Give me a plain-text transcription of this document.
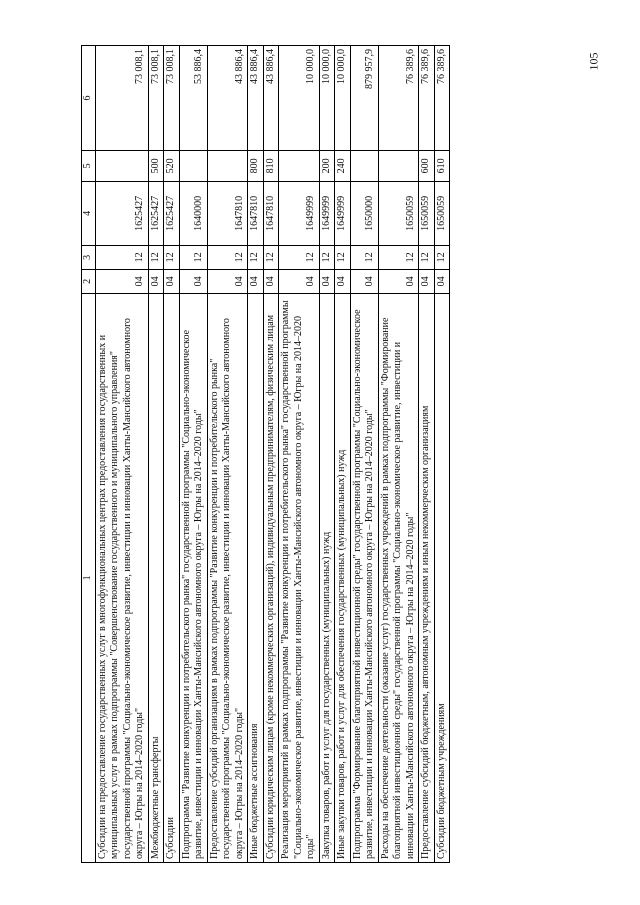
105
1	2	3	4	5	6
Субсидии на предоставление государственных услуг в многофункциональных центрах предоставления государственных и муниципальных услуг в рамках подпрограммы "Совершенствование государственного и муниципального управления" государственной программы "Социально-экономическое развитие, инвестиции и инновации Ханты-Мансийского автономного округа – Югры на 2014–2020 годы"	04	12	1625427		73 008,1
Межбюджетные трансферты	04	12	1625427	500	73 008,1
Субсидии	04	12	1625427	520	73 008,1
Подпрограмма "Развитие конкуренции и потребительского рынка" государственной программы "Социально-экономическое развитие, инвестиции и инновации Ханты-Мансийского автономного округа – Югры на 2014–2020 годы"	04	12	1640000		53 886,4
Предоставление субсидий организациям в рамках подпрограммы "Развитие конкуренции и потребительского рынка" государственной программы "Социально-экономическое развитие, инвестиции и инновации Ханты-Мансийского автономного округа – Югры на 2014–2020 годы"	04	12	1647810		43 886,4
Иные бюджетные ассигнования	04	12	1647810	800	43 886,4
Субсидии юридическим лицам (кроме некоммерческих организаций), индивидуальным предпринимателям, физическим лицам	04	12	1647810	810	43 886,4
Реализация мероприятий в рамках подпрограммы "Развитие конкуренции и потребительского рынка" государственной программы "Социально-экономическое развитие, инвестиции и инновации Ханты-Мансийского автономного округа – Югры на 2014–2020 годы"	04	12	1649999		10 000,0
Закупка товаров, работ и услуг для государственных (муниципальных) нужд	04	12	1649999	200	10 000,0
Иные закупки товаров, работ и услуг для обеспечения государственных (муниципальных) нужд	04	12	1649999	240	10 000,0
Подпрограмма "Формирование благоприятной инвестиционной среды" государственной программы "Социально-экономическое развитие, инвестиции и инновации Ханты-Мансийского автономного округа – Югры на 2014–2020 годы"	04	12	1650000		879 957,9
Расходы на обеспечение деятельности (оказание услуг) государственных учреждений в рамках подпрограммы "Формирование благоприятной инвестиционной среды" государственной программы "Социально-экономическое развитие, инвестиции и инновации Ханты-Мансийского автономного округа – Югры на 2014–2020 годы"	04	12	1650059		76 389,6
Предоставление субсидий бюджетным, автономным учреждениям и иным некоммерческим организациям	04	12	1650059	600	76 389,6
Субсидии бюджетным учреждениям	04	12	1650059	610	76 389,6
